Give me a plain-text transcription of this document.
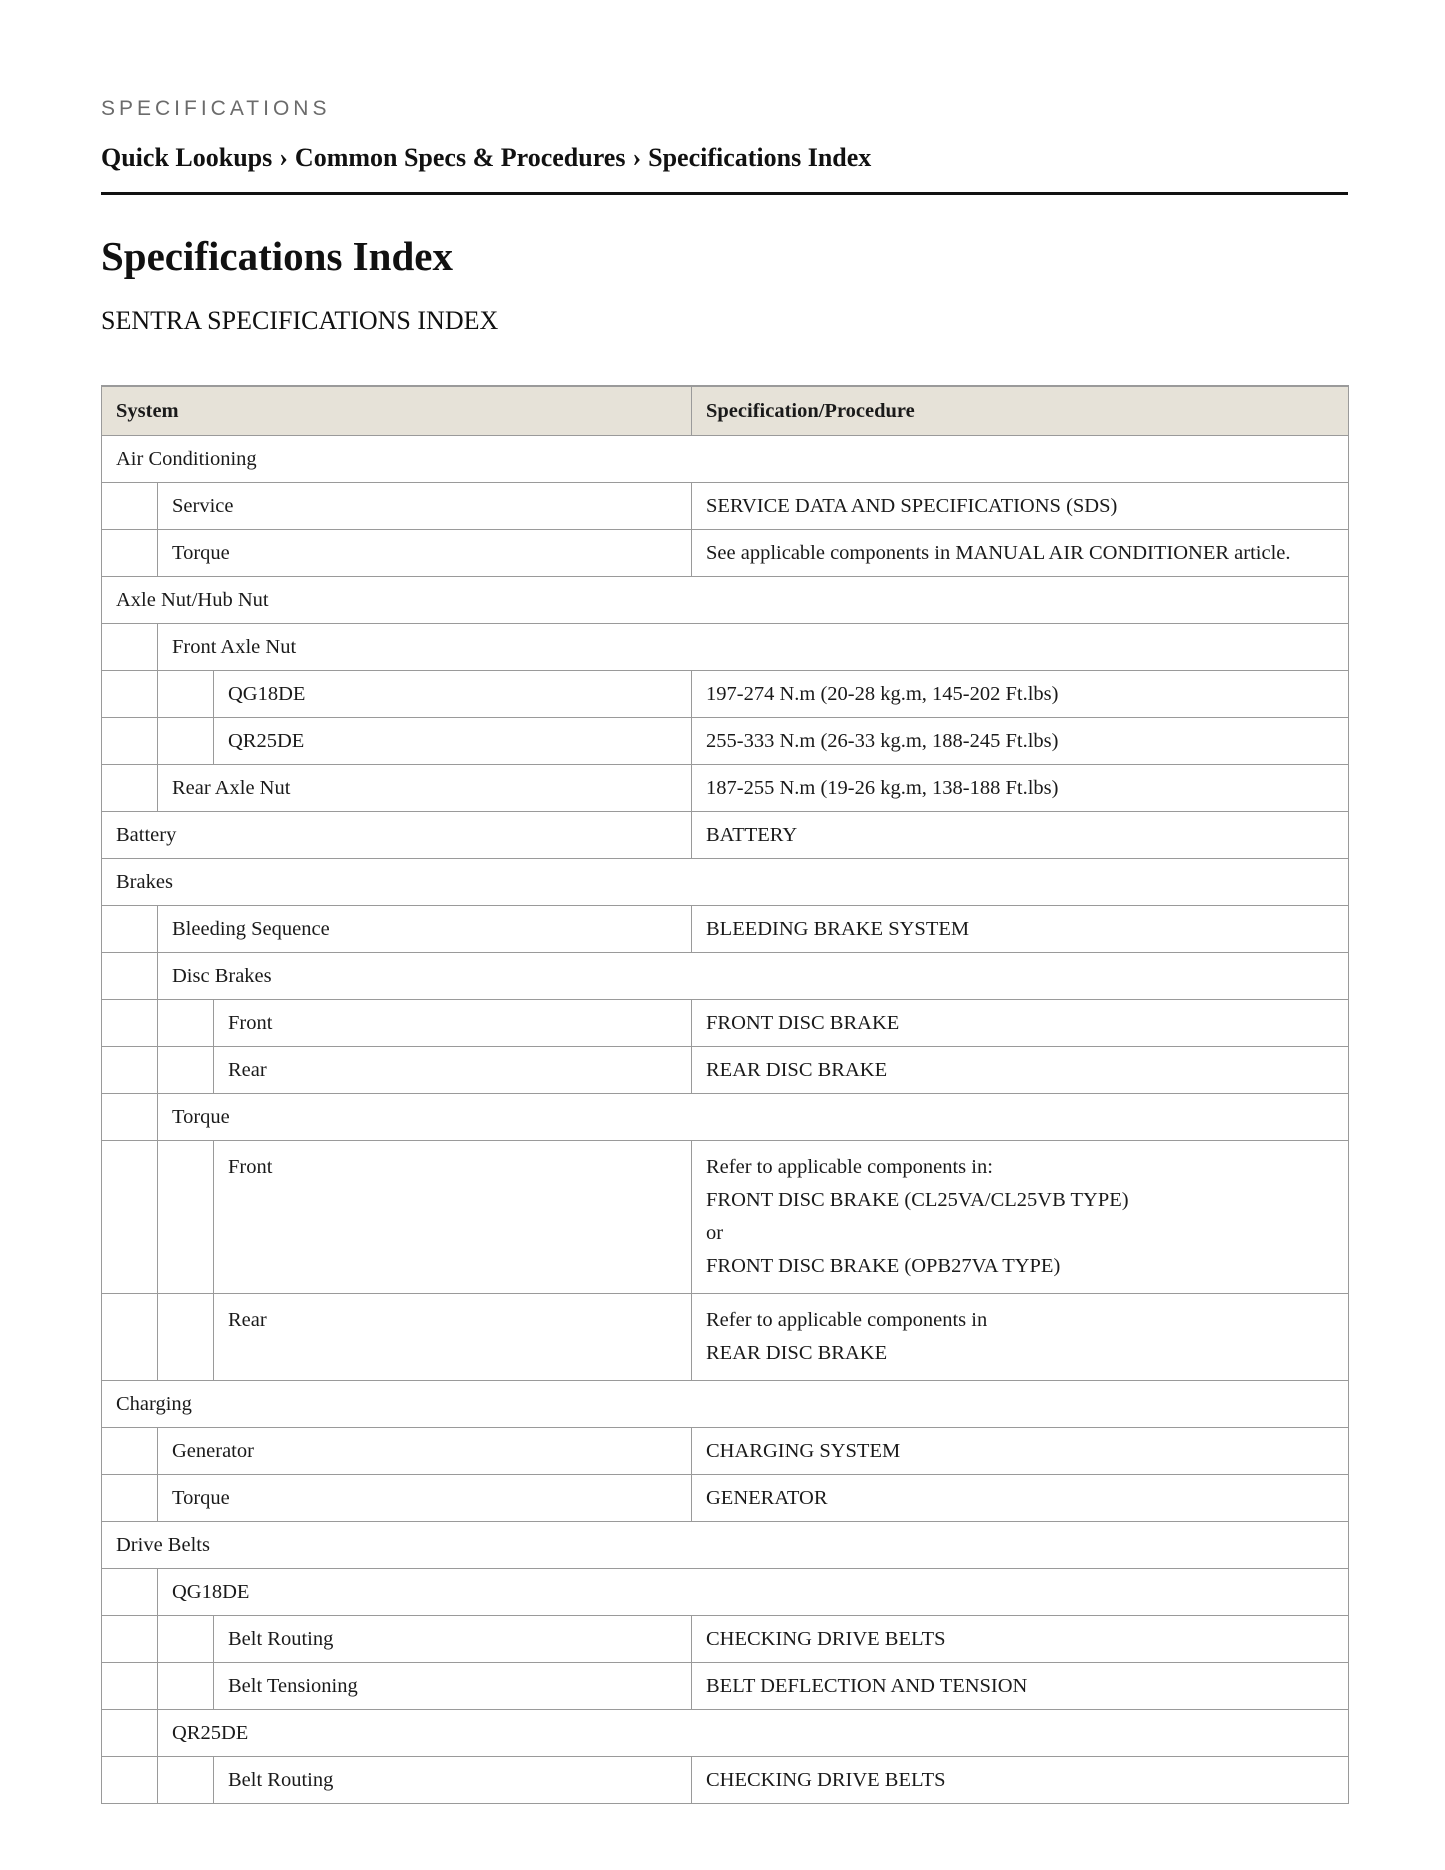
SPECIFICATIONS
Quick Lookups › Common Specs & Procedures › Specifications Index
Specifications Index
SENTRA SPECIFICATIONS INDEX
System			Specification/Procedure
Air Conditioning			
	Service		SERVICE DATA AND SPECIFICATIONS (SDS)

	Torque		See applicable components in MANUAL AIR CONDITIONER article.

Axle Nut/Hub Nut			
	Front Axle Nut		
		QG18DE	197-274 N.m (20-28 kg.m, 145-202 Ft.lbs)

		QR25DE	255-333 N.m (26-33 kg.m, 188-245 Ft.lbs)

	Rear Axle Nut		187-255 N.m (19-26 kg.m, 138-188 Ft.lbs)

Battery			BATTERY

Brakes			
	Bleeding Sequence		BLEEDING BRAKE SYSTEM

	Disc Brakes		
		Front	FRONT DISC BRAKE

		Rear	REAR DISC BRAKE

	Torque		
		Front	Refer to applicable components in:
FRONT DISC BRAKE (CL25VA/CL25VB TYPE)
or
FRONT DISC BRAKE (OPB27VA TYPE)

		Rear	Refer to applicable components in
REAR DISC BRAKE

Charging			
	Generator		CHARGING SYSTEM

	Torque		GENERATOR

Drive Belts			
	QG18DE		
		Belt Routing	CHECKING DRIVE BELTS

		Belt Tensioning	BELT DEFLECTION AND TENSION

	QR25DE		
		Belt Routing	CHECKING DRIVE BELTS
